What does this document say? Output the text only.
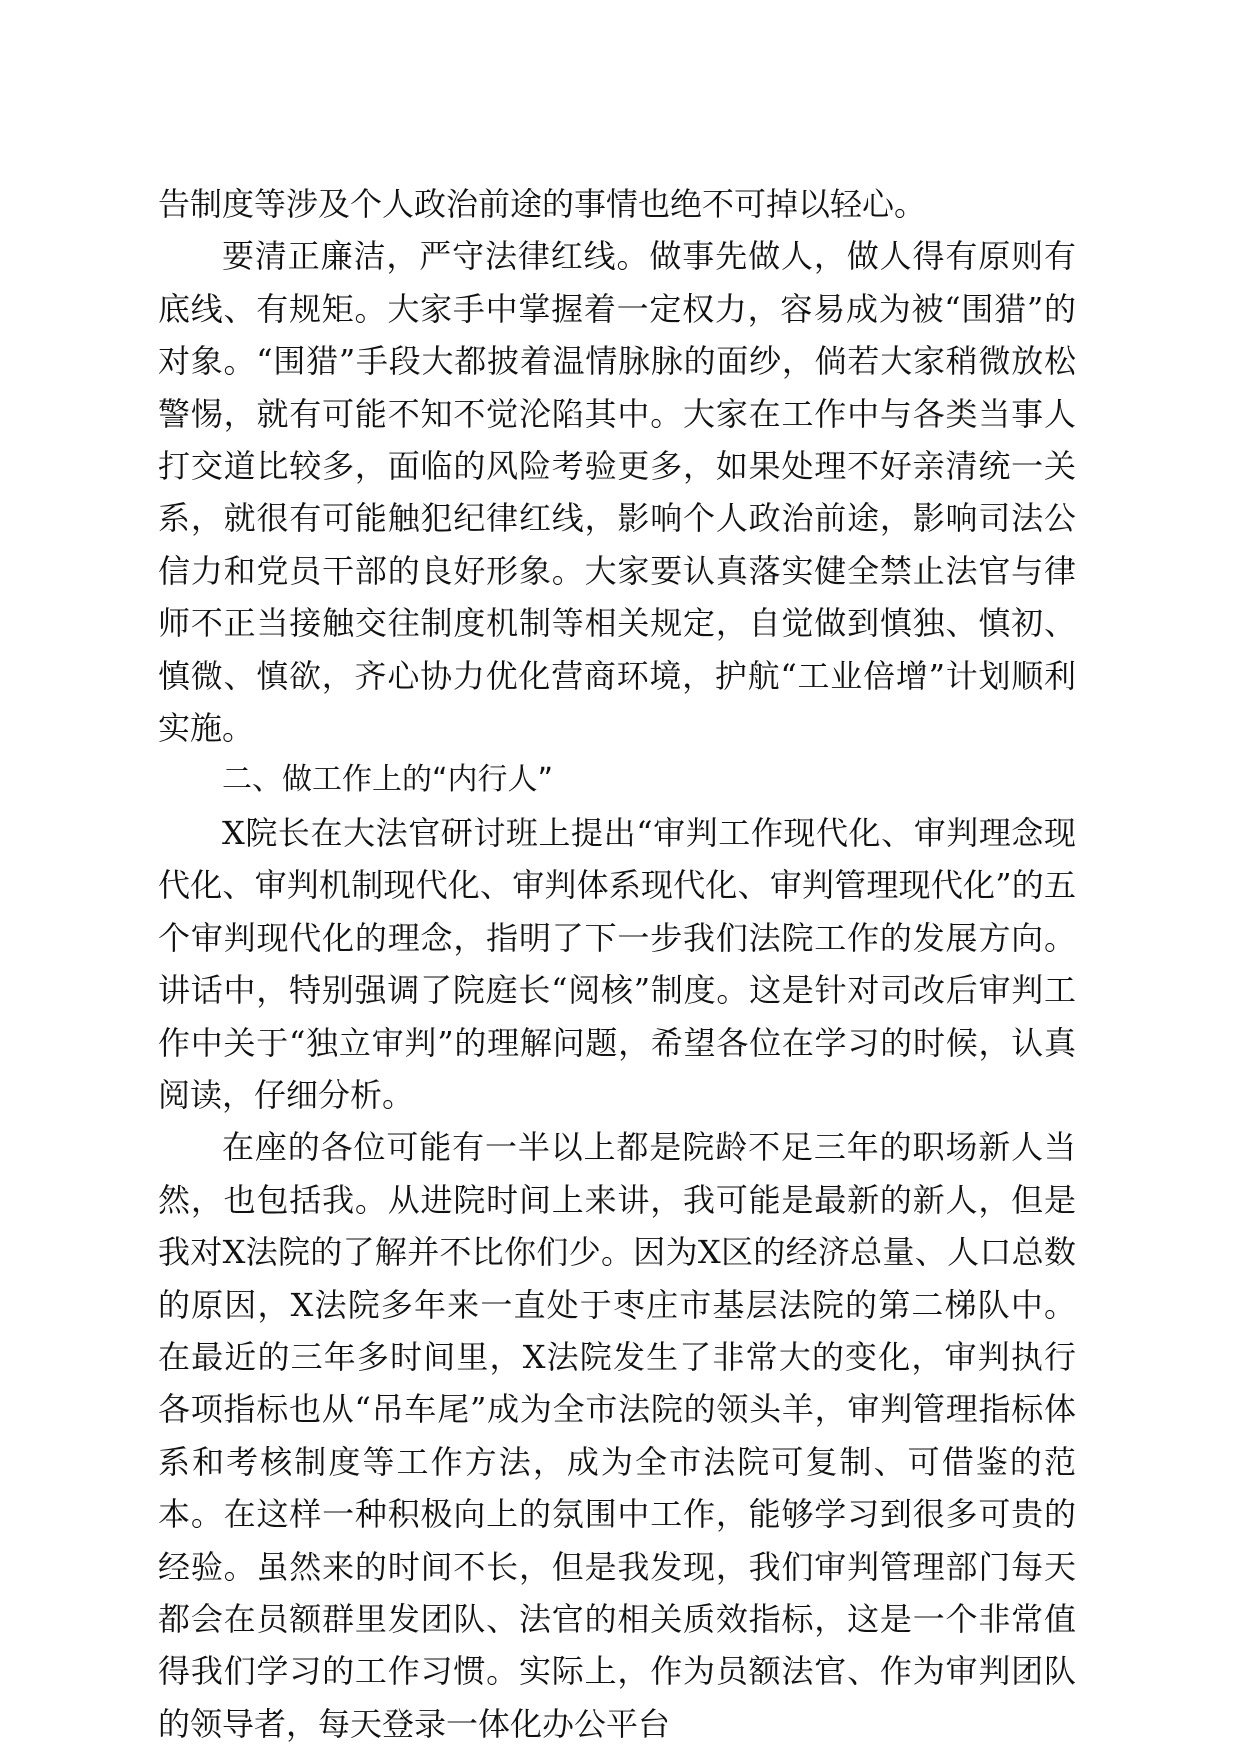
告制度等涉及个人政治前途的事情也绝不可掉以轻心。

要清正廉洁，严守法律红线。做事先做人，做人得有原则有底线、有规矩。大家手中掌握着一定权力，容易成为被“围猎”的对象。“围猎”手段大都披着温情脉脉的面纱，倘若大家稍微放松警惕，就有可能不知不觉沦陷其中。大家在工作中与各类当事人打交道比较多，面临的风险考验更多，如果处理不好亲清统一关系，就很有可能触犯纪律红线，影响个人政治前途，影响司法公信力和党员干部的良好形象。大家要认真落实健全禁止法官与律师不正当接触交往制度机制等相关规定，自觉做到慎独、慎初、慎微、慎欲，齐心协力优化营商环境，护航“工业倍增”计划顺利实施。

二、做工作上的“内行人”

X院长在大法官研讨班上提出“审判工作现代化、审判理念现代化、审判机制现代化、审判体系现代化、审判管理现代化”的五个审判现代化的理念，指明了下一步我们法院工作的发展方向。讲话中，特别强调了院庭长“阅核”制度。这是针对司改后审判工作中关于“独立审判”的理解问题，希望各位在学习的时候，认真阅读，仔细分析。

在座的各位可能有一半以上都是院龄不足三年的职场新人当然，也包括我。从进院时间上来讲，我可能是最新的新人，但是我对X法院的了解并不比你们少。因为X区的经济总量、人口总数的原因，X法院多年来一直处于枣庄市基层法院的第二梯队中。在最近的三年多时间里，X法院发生了非常大的变化，审判执行各项指标也从“吊车尾”成为全市法院的领头羊，审判管理指标体系和考核制度等工作方法，成为全市法院可复制、可借鉴的范本。在这样一种积极向上的氛围中工作，能够学习到很多可贵的经验。虽然来的时间不长，但是我发现，我们审判管理部门每天都会在员额群里发团队、法官的相关质效指标，这是一个非常值得我们学习的工作习惯。实际上，作为员额法官、作为审判团队的领导者，每天登录一体化办公平台
